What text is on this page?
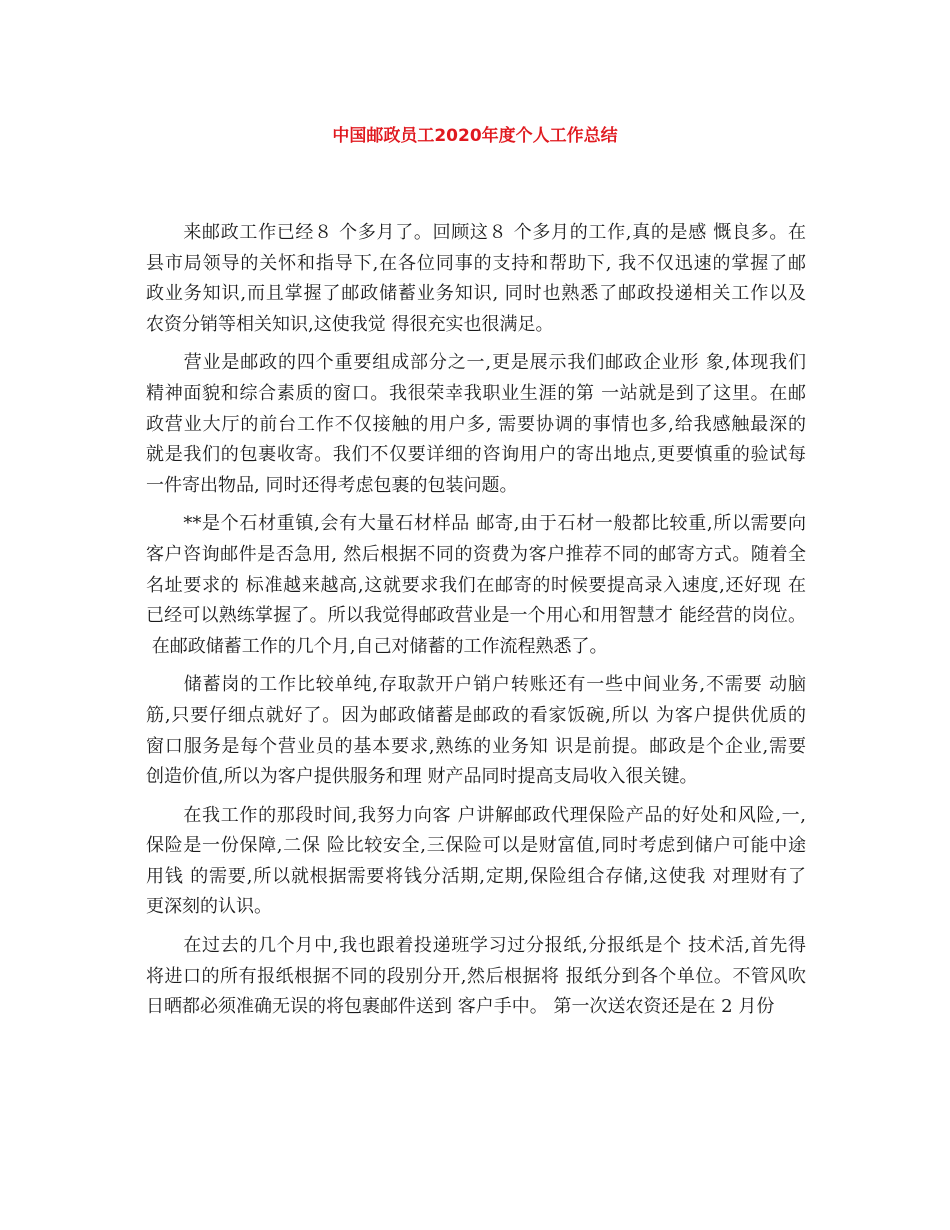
中国邮政员工2020年度个人工作总结
　　来邮政工作已经８ 个多月了。回顾这８ 个多月的工作,真的是感 慨良多。在
县市局领导的关怀和指导下,在各位同事的支持和帮助下, 我不仅迅速的掌握了邮
政业务知识,而且掌握了邮政储蓄业务知识, 同时也熟悉了邮政投递相关工作以及
农资分销等相关知识,这使我觉 得很充实也很满足。
　　营业是邮政的四个重要组成部分之一,更是展示我们邮政企业形 象,体现我们
精神面貌和综合素质的窗口。我很荣幸我职业生涯的第 一站就是到了这里。在邮
政营业大厅的前台工作不仅接触的用户多, 需要协调的事情也多,给我感触最深的
就是我们的包裹收寄。我们不仅要详细的咨询用户的寄出地点,更要慎重的验试每
一件寄出物品, 同时还得考虑包裹的包装问题。
　　**是个石材重镇,会有大量石材样品 邮寄,由于石材一般都比较重,所以需要向
客户咨询邮件是否急用, 然后根据不同的资费为客户推荐不同的邮寄方式。随着全
名址要求的 标准越来越高,这就要求我们在邮寄的时候要提高录入速度,还好现 在
已经可以熟练掌握了。所以我觉得邮政营业是一个用心和用智慧才 能经营的岗位。
在邮政储蓄工作的几个月,自己对储蓄的工作流程熟悉了。
　　储蓄岗的工作比较单纯,存取款开户销户转账还有一些中间业务,不需要 动脑
筋,只要仔细点就好了。因为邮政储蓄是邮政的看家饭碗,所以 为客户提供优质的
窗口服务是每个营业员的基本要求,熟练的业务知 识是前提。邮政是个企业,需要
创造价值,所以为客户提供服务和理 财产品同时提高支局收入很关键。
　　在我工作的那段时间,我努力向客 户讲解邮政代理保险产品的好处和风险,一,
保险是一份保障,二保 险比较安全,三保险可以是财富值,同时考虑到储户可能中途
用钱 的需要,所以就根据需要将钱分活期,定期,保险组合存储,这使我 对理财有了
更深刻的认识。
　　在过去的几个月中,我也跟着投递班学习过分报纸,分报纸是个 技术活,首先得
将进口的所有报纸根据不同的段别分开,然后根据将 报纸分到各个单位。不管风吹
日晒都必须准确无误的将包裹邮件送到 客户手中。 第一次送农资还是在 2 月份
